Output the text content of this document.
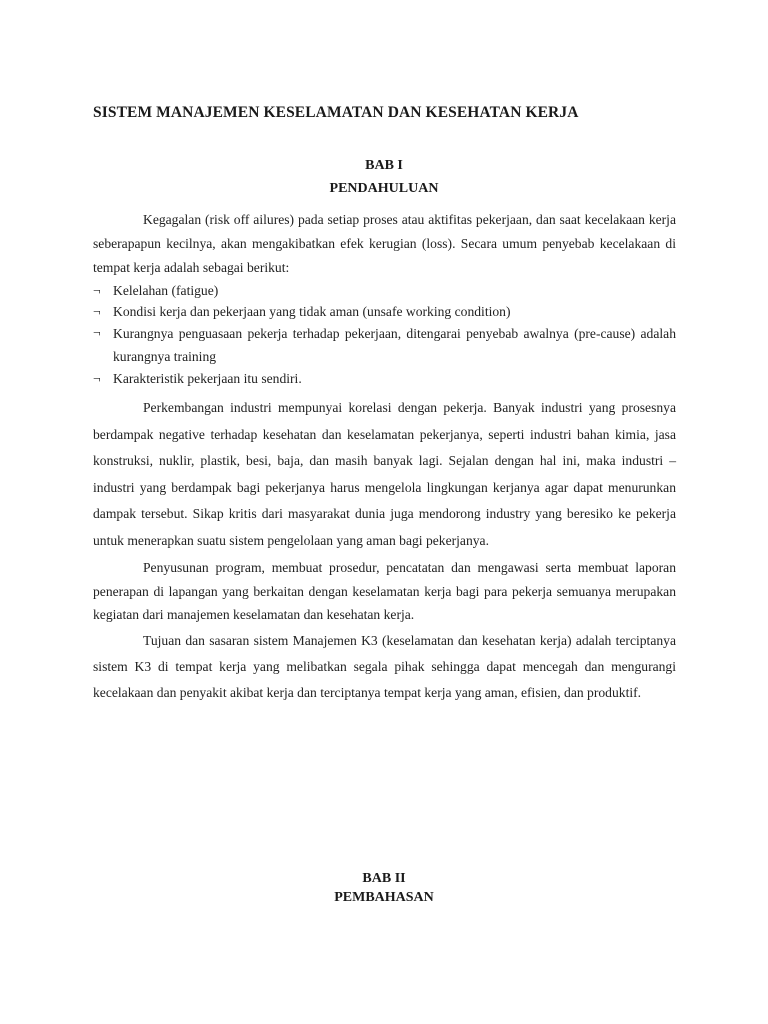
SISTEM MANAJEMEN KESELAMATAN DAN KESEHATAN KERJA
BAB I
PENDAHULUAN

Kegagalan (risk off ailures) pada setiap proses atau aktifitas pekerjaan, dan saat kecelakaan kerja seberapapun kecilnya, akan mengakibatkan efek kerugian (loss). Secara umum penyebab kecelakaan di tempat kerja adalah sebagai berikut:

¬ Kelelahan (fatigue)
¬ Kondisi kerja dan pekerjaan yang tidak aman (unsafe working condition)
¬ Kurangnya penguasaan pekerja terhadap pekerjaan, ditengarai penyebab awalnya (pre-cause) adalah kurangnya training
¬ Karakteristik pekerjaan itu sendiri.

Perkembangan industri mempunyai korelasi dengan pekerja. Banyak industri yang prosesnya berdampak negative terhadap kesehatan dan keselamatan pekerjanya, seperti industri bahan kimia, jasa konstruksi, nuklir, plastik, besi, baja, dan masih banyak lagi. Sejalan dengan hal ini, maka industri – industri yang berdampak bagi pekerjanya harus mengelola lingkungan kerjanya agar dapat menurunkan dampak tersebut. Sikap kritis dari masyarakat dunia juga mendorong industry yang beresiko ke pekerja untuk menerapkan suatu sistem pengelolaan yang aman bagi pekerjanya.

Penyusunan program, membuat prosedur, pencatatan dan mengawasi serta membuat laporan penerapan di lapangan yang berkaitan dengan keselamatan kerja bagi para pekerja semuanya merupakan kegiatan dari manajemen keselamatan dan kesehatan kerja.

Tujuan dan sasaran sistem Manajemen K3 (keselamatan dan kesehatan kerja) adalah terciptanya sistem K3 di tempat kerja yang melibatkan segala pihak sehingga dapat mencegah dan mengurangi kecelakaan dan penyakit akibat kerja dan terciptanya tempat kerja yang aman, efisien, dan produktif.

BAB II
PEMBAHASAN
